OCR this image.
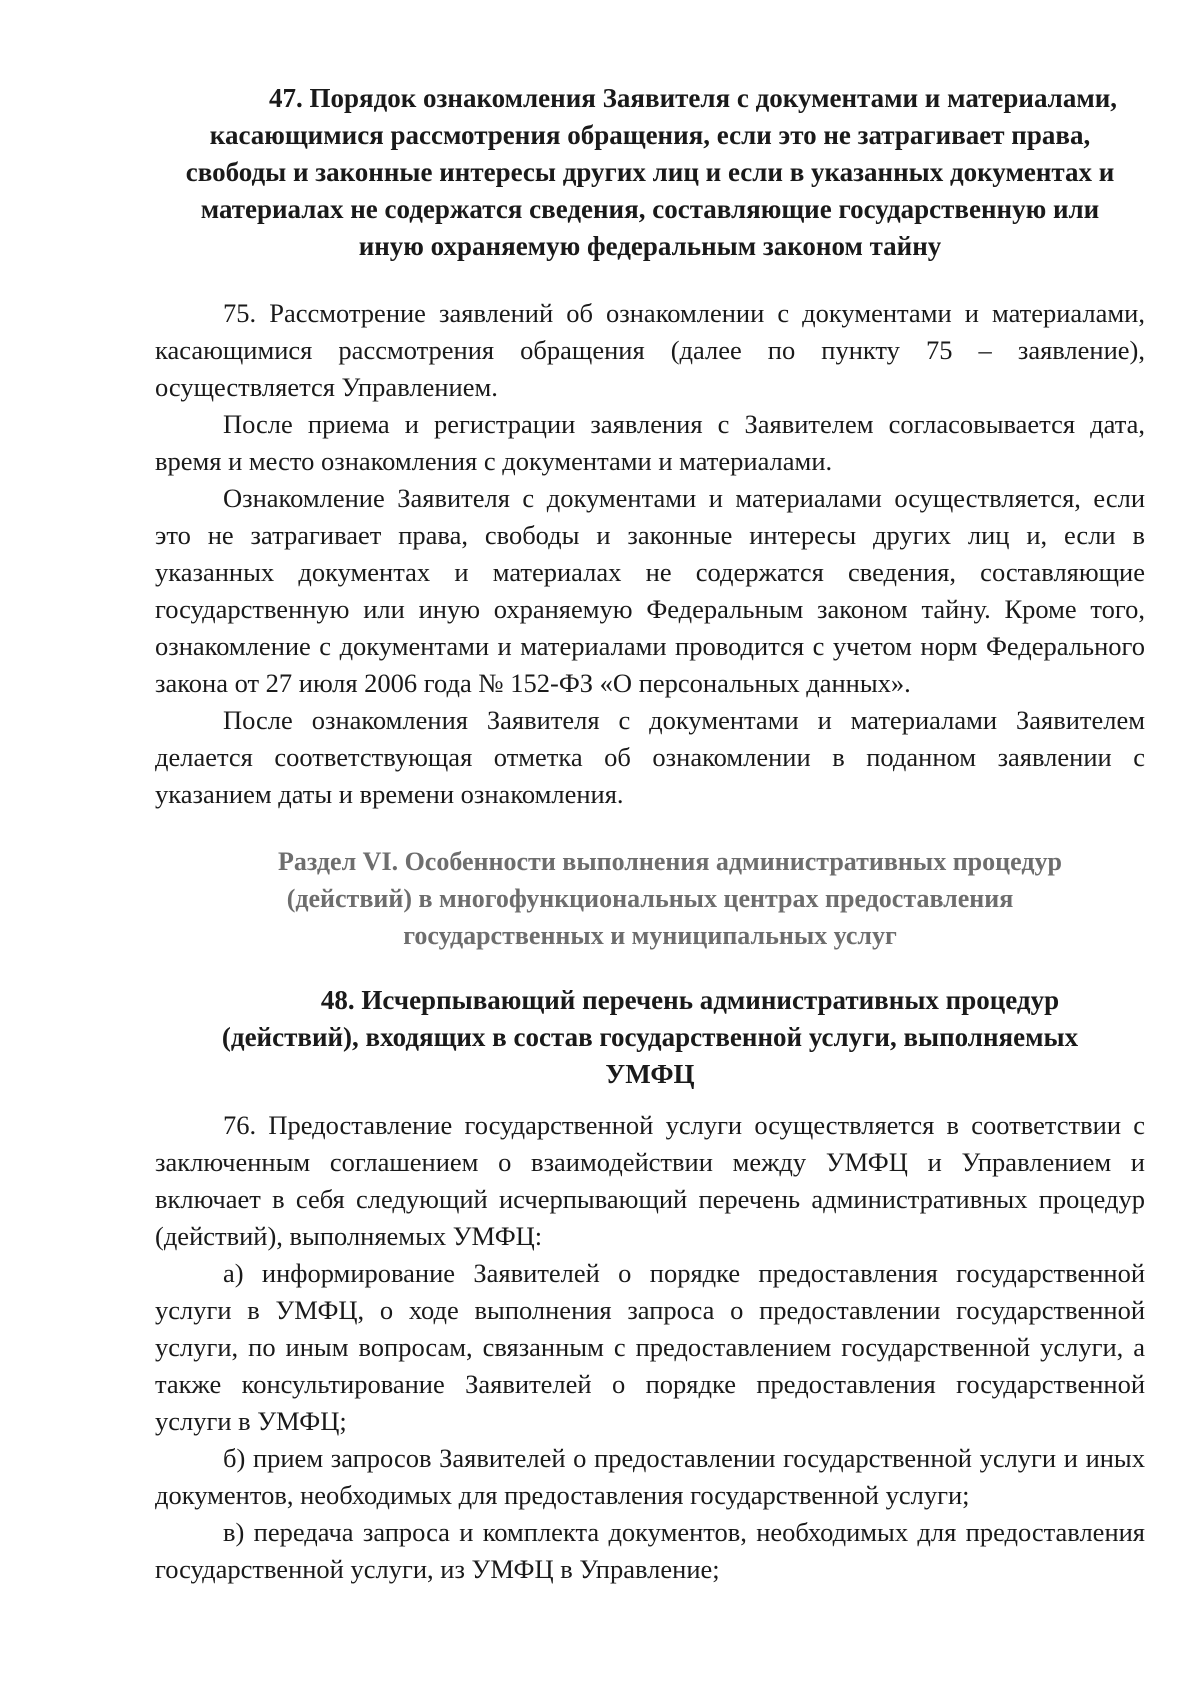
47. Порядок ознакомления Заявителя с документами и материалами,
касающимися рассмотрения обращения, если это не затрагивает права,
свободы и законные интересы других лиц и если в указанных документах и
материалах не содержатся сведения, составляющие государственную или
иную охраняемую федеральным законом тайну

75. Рассмотрение заявлений об ознакомлении с документами и материалами, касающимися рассмотрения обращения (далее по пункту 75 – заявление), осуществляется Управлением.

После приема и регистрации заявления с Заявителем согласовывается дата, время и место ознакомления с документами и материалами.

Ознакомление Заявителя с документами и материалами осуществляется, если это не затрагивает права, свободы и законные интересы других лиц и, если в указанных документах и материалах не содержатся сведения, составляющие государственную или иную охраняемую Федеральным законом тайну. Кроме того, ознакомление с документами и материалами проводится с учетом норм Федерального закона от 27 июля 2006 года № 152-ФЗ «О персональных данных».

После ознакомления Заявителя с документами и материалами Заявителем делается соответствующая отметка об ознакомлении в поданном заявлении с указанием даты и времени ознакомления.

Раздел VI. Особенности выполнения административных процедур
(действий) в многофункциональных центрах предоставления
государственных и муниципальных услуг
48. Исчерпывающий перечень административных процедур
(действий), входящих в состав государственной услуги, выполняемых
УМФЦ

76. Предоставление государственной услуги осуществляется в соответствии с заключенным соглашением о взаимодействии между УМФЦ и Управлением и включает в себя следующий исчерпывающий перечень административных процедур (действий), выполняемых УМФЦ:

а) информирование Заявителей о порядке предоставления государственной услуги в УМФЦ, о ходе выполнения запроса о предоставлении государственной услуги, по иным вопросам, связанным с предоставлением государственной услуги, а также консультирование Заявителей о порядке предоставления государственной услуги в УМФЦ;

б) прием запросов Заявителей о предоставлении государственной услуги и иных документов, необходимых для предоставления государственной услуги;

в) передача запроса и комплекта документов, необходимых для предоставления государственной услуги, из УМФЦ в Управление;
